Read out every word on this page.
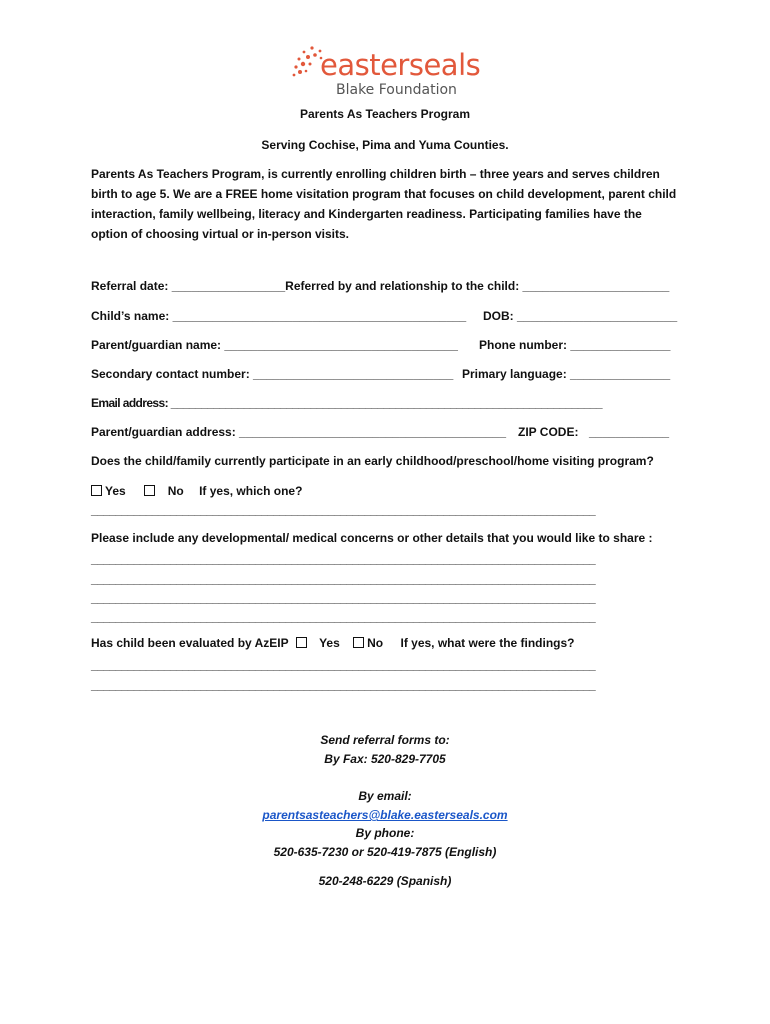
easterseals
Blake Foundation
Parents As Teachers Program
Serving Cochise, Pima and Yuma Counties.
Parents As Teachers Program, is currently enrolling children birth – three years and serves children birth to age 5. We are a FREE home visitation program that focuses on child development, parent child interaction, family wellbeing, literacy and Kindergarten readiness. Participating families have the option of choosing virtual or in-person visits.
Referral date: _________________Referred by and relationship to the child: ______________________
Child’s name: ____________________________________________ DOB: ________________________
Parent/guardian name: ___________________________________ Phone number: _______________
Secondary contact number: ______________________________ Primary language: _______________
Email address: _______________________________________________________________________
Parent/guardian address: ________________________________________ ZIP CODE: ____________
Does the child/family currently participate in an early childhood/preschool/home visiting program?
Yes	No If yes, which one?
___________________________________________________________________________________
Please include any developmental/ medical concerns or other details that you would like to share :
___________________________________________________________________________________
___________________________________________________________________________________
___________________________________________________________________________________
___________________________________________________________________________________
Has child been evaluated by AzEIP	Yes No If yes, what were the findings?
___________________________________________________________________________________
___________________________________________________________________________________
Send referral forms to:
By Fax: 520-829-7705
By email:
parentsasteachers@blake.easterseals.com
By phone:
520-635-7230 or 520-419-7875 (English)
520-248-6229 (Spanish)
